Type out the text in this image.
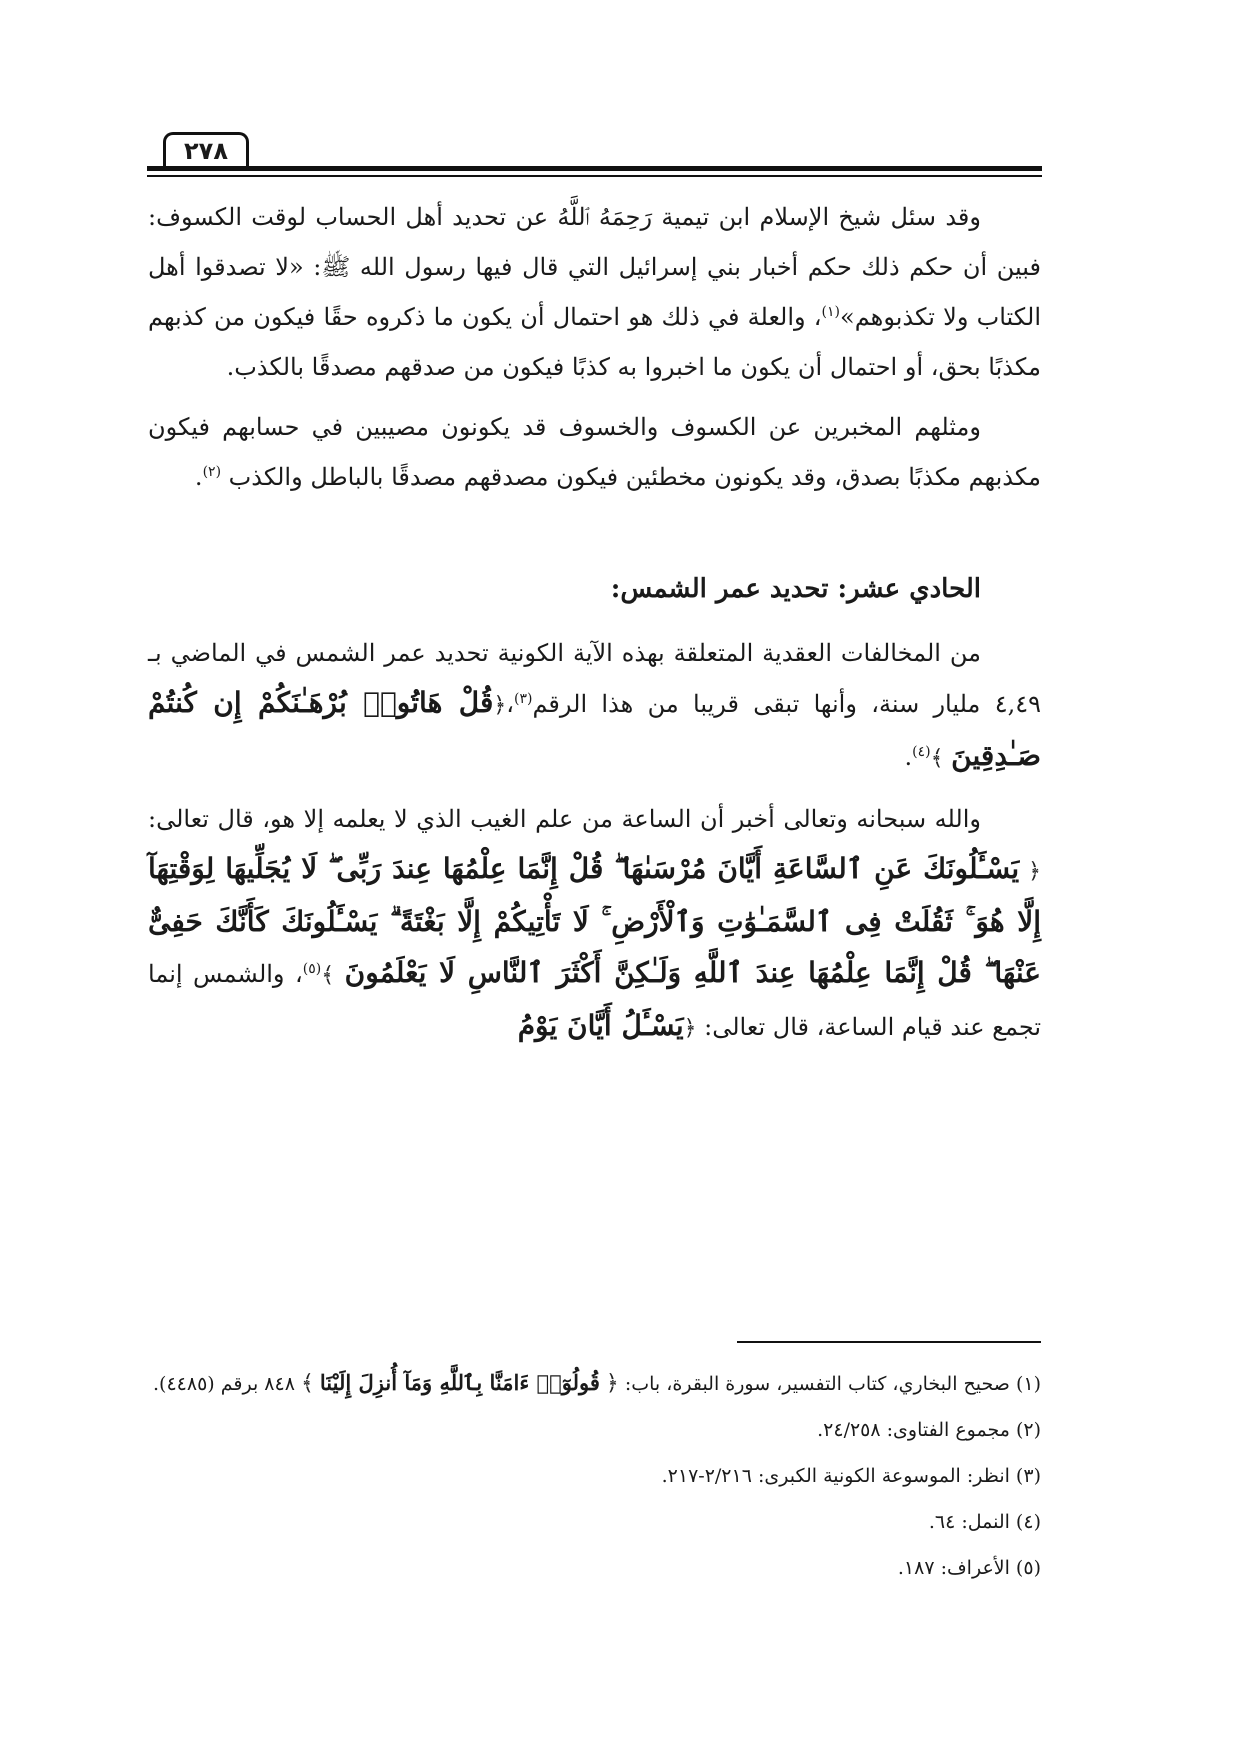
٢٧٨

وقد سئل شيخ الإسلام ابن تيمية رَحِمَهُ ٱللَّهُ عن تحديد أهل الحساب لوقت الكسوف: فبين أن حكم ذلك حكم أخبار بني إسرائيل التي قال فيها رسول الله ﷺ: «لا تصدقوا أهل الكتاب ولا تكذبوهم»$^{(١)}$، والعلة في ذلك هو احتمال أن يكون ما ذكروه حقًا فيكون من كذبهم مكذبًا بحق، أو احتمال أن يكون ما اخبروا به كذبًا فيكون من صدقهم مصدقًا بالكذب.

ومثلهم المخبرين عن الكسوف والخسوف قد يكونون مصيبين في حسابهم فيكون مكذبهم مكذبًا بصدق، وقد يكونون مخطئين فيكون مصدقهم مصدقًا بالباطل والكذب $^{(٢)}$.

الحادي عشر: تحديد عمر الشمس:

من المخالفات العقدية المتعلقة بهذه الآية الكونية تحديد عمر الشمس في الماضي بـ ٤,٤٩ مليار سنة، وأنها تبقى قريبا من هذا الرقم$^{(٣)}$،﴿قُلْ هَاتُوا۟ بُرْهَـٰنَكُمْ إِن كُنتُمْ صَـٰدِقِينَ ﴾$^{(٤)}$.

والله سبحانه وتعالى أخبر أن الساعة من علم الغيب الذي لا يعلمه إلا هو، قال تعالى: ﴿ يَسْـَٔلُونَكَ عَنِ ٱلسَّاعَةِ أَيَّانَ مُرْسَىٰهَا ۖ قُلْ إِنَّمَا عِلْمُهَا عِندَ رَبِّى ۖ لَا يُجَلِّيهَا لِوَقْتِهَآ إِلَّا هُوَ ۚ ثَقُلَتْ فِى ٱلسَّمَـٰوَٰتِ وَٱلْأَرْضِ ۚ لَا تَأْتِيكُمْ إِلَّا بَغْتَةً ۗ يَسْـَٔلُونَكَ كَأَنَّكَ حَفِىٌّ عَنْهَا ۖ قُلْ إِنَّمَا عِلْمُهَا عِندَ ٱللَّهِ وَلَـٰكِنَّ أَكْثَرَ ٱلنَّاسِ لَا يَعْلَمُونَ ﴾$^{(٥)}$، والشمس إنما تجمع عند قيام الساعة، قال تعالى: ﴿يَسْـَٔلُ أَيَّانَ يَوْمُ

(١) صحيح البخاري، كتاب التفسير، سورة البقرة، باب: ﴿ قُولُوٓا۟ ءَامَنَّا بِٱللَّهِ وَمَآ أُنزِلَ إِلَيْنَا ﴾ ٨٤٨ برقم (٤٤٨٥).
(٢) مجموع الفتاوى: ٢٤/٢٥٨.
(٣) انظر: الموسوعة الكونية الكبرى: ٢/٢١٦-٢١٧.
(٤) النمل: ٦٤.
(٥) الأعراف: ١٨٧.
